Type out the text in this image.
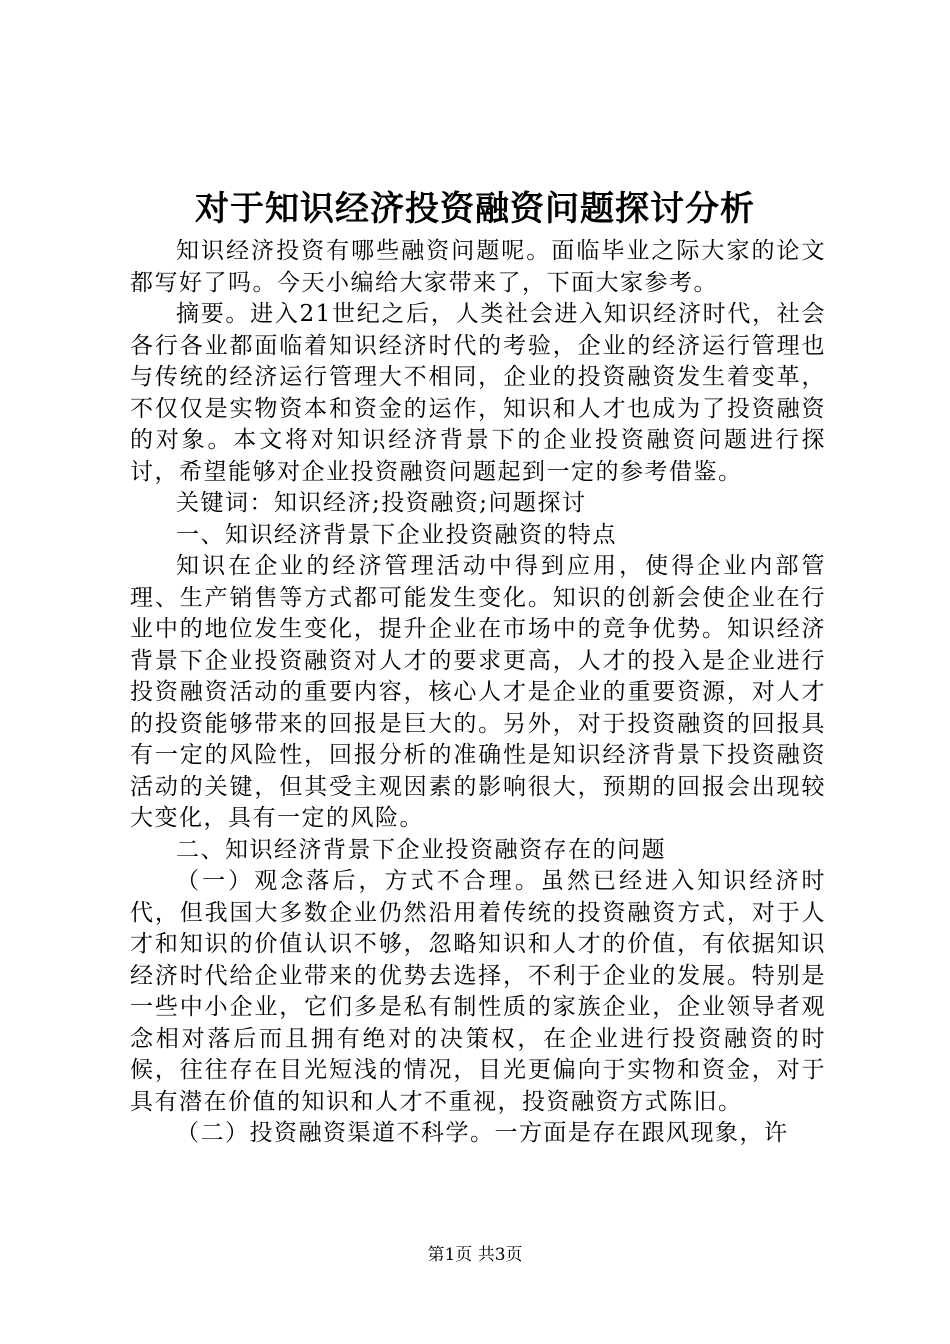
对于知识经济投资融资问题探讨分析

知识经济投资有哪些融资问题呢。面临毕业之际大家的论文都写好了吗。今天小编给大家带来了，下面大家参考。

摘要。进入21世纪之后，人类社会进入知识经济时代，社会各行各业都面临着知识经济时代的考验，企业的经济运行管理也与传统的经济运行管理大不相同，企业的投资融资发生着变革，不仅仅是实物资本和资金的运作，知识和人才也成为了投资融资的对象。本文将对知识经济背景下的企业投资融资问题进行探讨，希望能够对企业投资融资问题起到一定的参考借鉴。

关键词：知识经济;投资融资;问题探讨

一、知识经济背景下企业投资融资的特点

知识在企业的经济管理活动中得到应用，使得企业内部管理、生产销售等方式都可能发生变化。知识的创新会使企业在行业中的地位发生变化，提升企业在市场中的竞争优势。知识经济背景下企业投资融资对人才的要求更高，人才的投入是企业进行投资融资活动的重要内容，核心人才是企业的重要资源，对人才的投资能够带来的回报是巨大的。另外，对于投资融资的回报具有一定的风险性，回报分析的准确性是知识经济背景下投资融资活动的关键，但其受主观因素的影响很大，预期的回报会出现较大变化，具有一定的风险。

二、知识经济背景下企业投资融资存在的问题

（一）观念落后，方式不合理。虽然已经进入知识经济时代，但我国大多数企业仍然沿用着传统的投资融资方式，对于人才和知识的价值认识不够，忽略知识和人才的价值，有依据知识经济时代给企业带来的优势去选择，不利于企业的发展。特别是一些中小企业，它们多是私有制性质的家族企业，企业领导者观念相对落后而且拥有绝对的决策权，在企业进行投资融资的时候，往往存在目光短浅的情况，目光更偏向于实物和资金，对于具有潜在价值的知识和人才不重视，投资融资方式陈旧。

（二）投资融资渠道不科学。一方面是存在跟风现象，许

第1页 共3页
